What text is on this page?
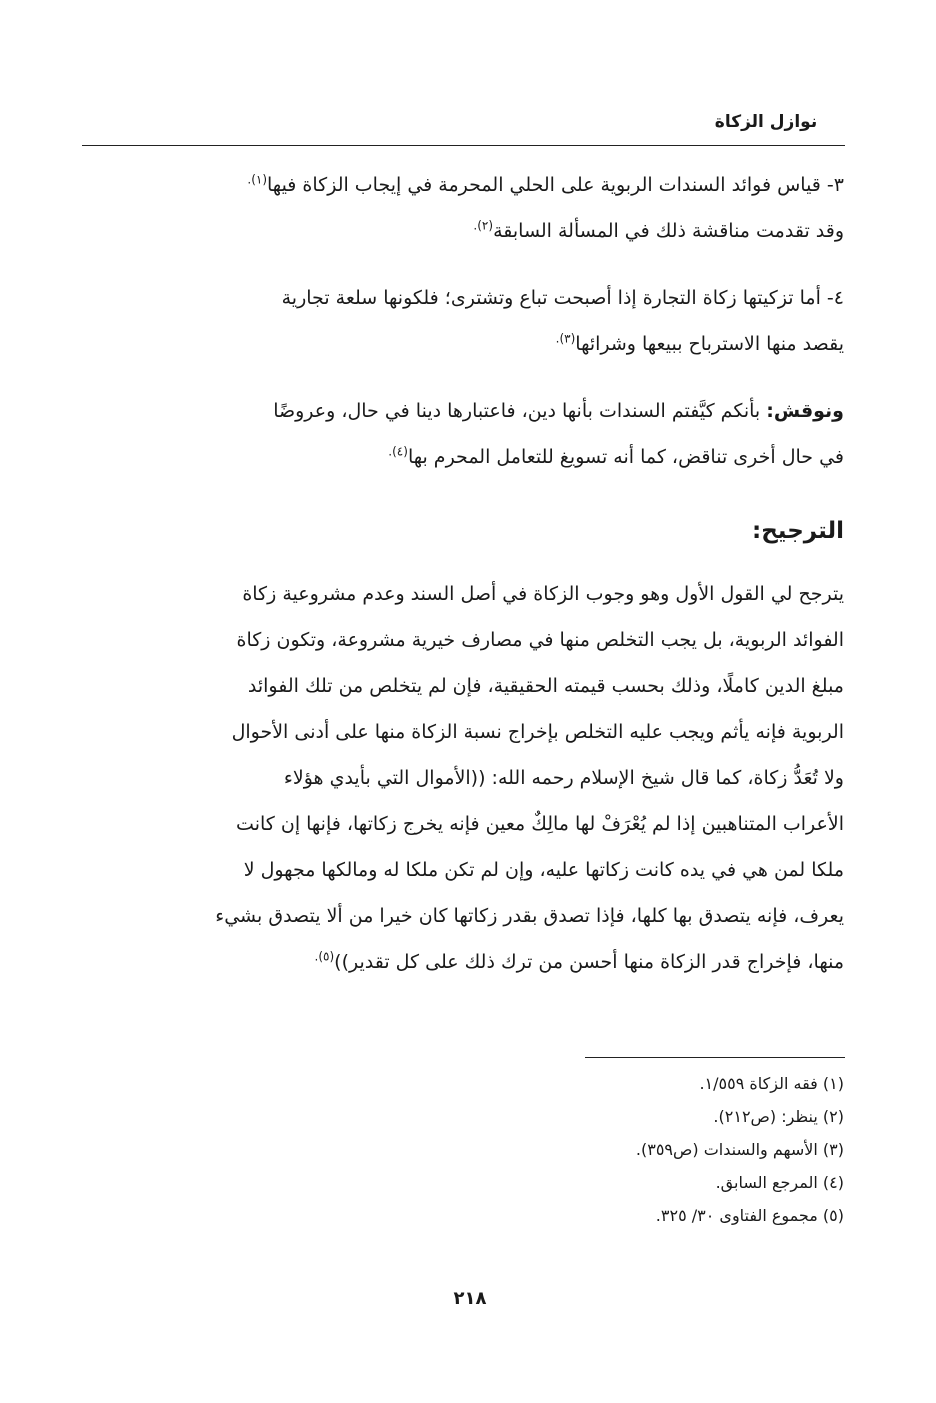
نوازل الزكاة

٣- قياس فوائد السندات الربوية على الحلي المحرمة في إيجاب الزكاة فيها$^{(١).}$
وقد تقدمت مناقشة ذلك في المسألة السابقة$^{(٢).}$

٤- أما تزكيتها زكاة التجارة إذا أصبحت تباع وتشترى؛ فلكونها سلعة تجارية
يقصد منها الاسترباح ببيعها وشرائها$^{(٣).}$

ونوقش: بأنكم كيَّفتم السندات بأنها دين، فاعتبارها دينا في حال، وعروضًا
في حال أخرى تناقض، كما أنه تسويغ للتعامل المحرم بها$^{(٤).}$

الترجيح:

يترجح لي القول الأول وهو وجوب الزكاة في أصل السند وعدم مشروعية زكاة
الفوائد الربوية، بل يجب التخلص منها في مصارف خيرية مشروعة، وتكون زكاة
مبلغ الدين كاملًا، وذلك بحسب قيمته الحقيقية، فإن لم يتخلص من تلك الفوائد
الربوية فإنه يأثم ويجب عليه التخلص بإخراج نسبة الزكاة منها على أدنى الأحوال
ولا تُعَدُّ زكاة، كما قال شيخ الإسلام رحمه الله: ((الأموال التي بأيدي هؤلاء
الأعراب المتناهبين إذا لم يُعْرَفْ لها مالِكٌ معين فإنه يخرج زكاتها، فإنها إن كانت
ملكا لمن هي في يده كانت زكاتها عليه، وإن لم تكن ملكا له ومالكها مجهول لا
يعرف، فإنه يتصدق بها كلها، فإذا تصدق بقدر زكاتها كان خيرا من ألا يتصدق بشيء
منها، فإخراج قدر الزكاة منها أحسن من ترك ذلك على كل تقدير))$^{(٥).}$

(١) فقه الزكاة ١/٥٥٩.
(٢) ينظر: (ص٢١٢).
(٣) الأسهم والسندات (ص٣٥٩).
(٤) المرجع السابق.
(٥) مجموع الفتاوى ٣٠/ ٣٢٥.
٢١٨
